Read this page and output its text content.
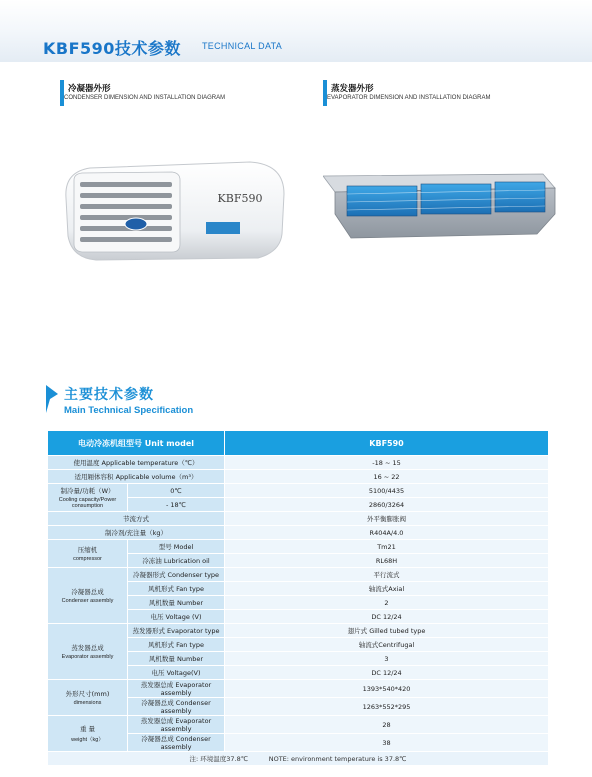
KBF590技术参数 TECHNICAL DATA
冷凝器外形
CONDENSER DIMENSION AND INSTALLATION DIAGRAM
KBF590
蒸发器外形
EVAPORATOR DIMENSION AND INSTALLATION DIAGRAM
主要技术参数
Main Technical Specification
电动冷冻机组型号 Unit model		KBF590
使用温度 Applicable temperature（℃）		-18 ~ 15
适用厢体容积 Applicable volume（m³）		16 ~ 22

制冷量/功耗（W）
Cooling capacity/Power consumption	0℃	5100/4435
	- 18℃	2860/3264
节流方式		外平衡膨胀阀
制冷剂/充注量（kg）		R404A/4.0

压缩机
compressor	型号 Model	Tm21
	冷冻油 Lubrication oil	RL68H

冷凝器总成
Condenser assembly	冷凝器形式 Condenser type	平行流式
	风机形式 Fan type	轴流式Axial
	风机数量 Number	2
	电压 Voltage (V)	DC 12/24

蒸发器总成
Evaporator assembly	蒸发器形式 Evaporator type	翅片式 Gilled tubed type
	风机形式 Fan type	轴流式Centrifugal
	风机数量 Number	3
	电压 Voltage(V)	DC 12/24

外形尺寸(mm)
dimensions	蒸发器总成 Evaporator assembly	1393*540*420
	冷凝器总成 Condenser assembly	1263*552*295

重 量
weight（kg）	蒸发器总成 Evaporator assembly	28
	冷凝器总成 Condenser assembly	38
注: 环境温度37.8℃          NOTE: environment temperature is 37.8℃		
